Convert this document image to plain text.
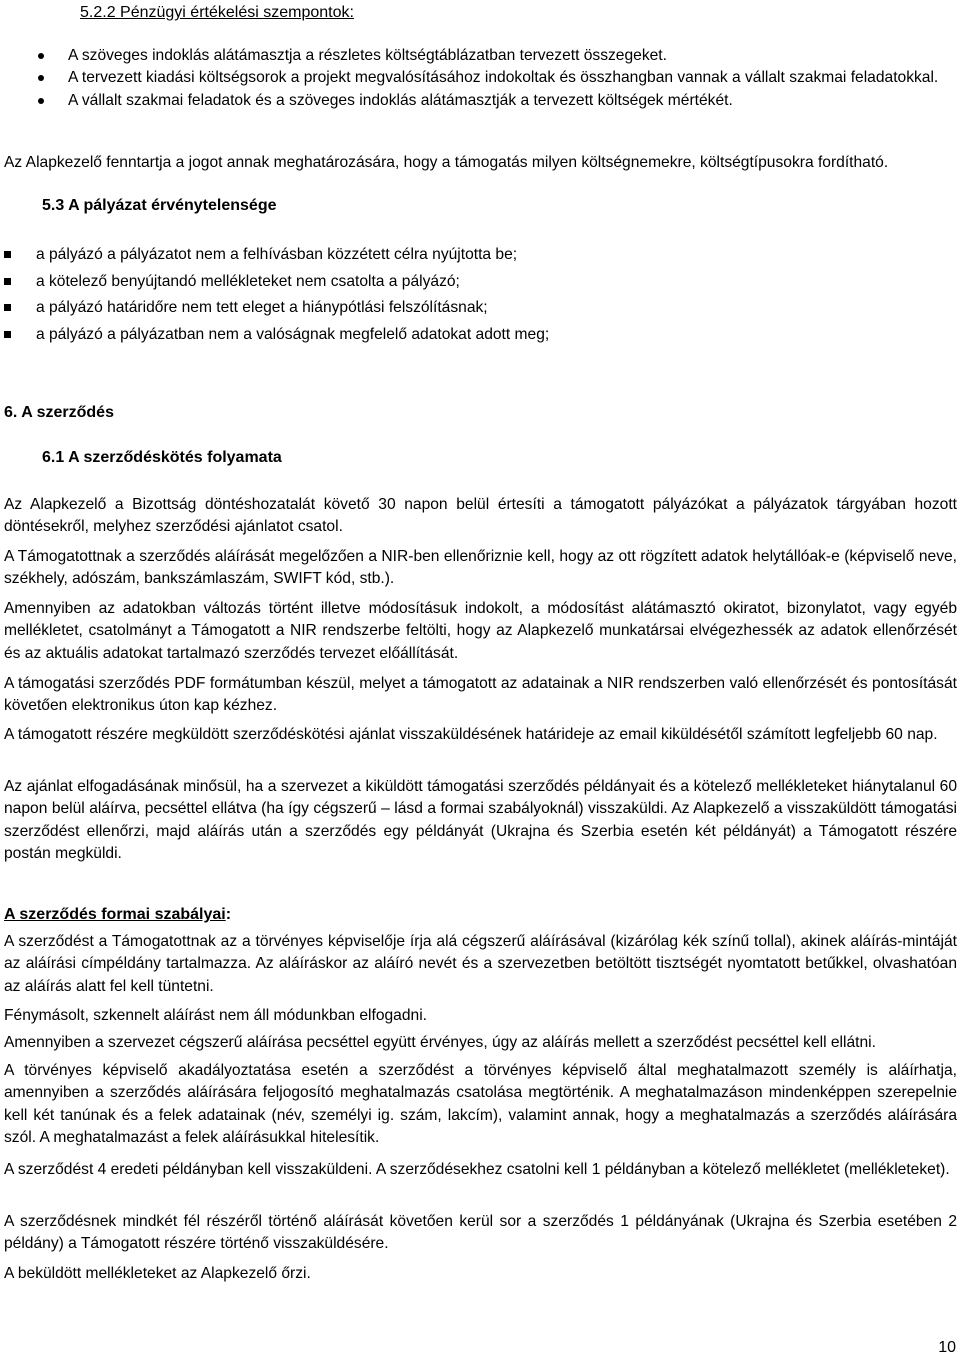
5.2.2 Pénzügyi értékelési szempontok:
A szöveges indoklás alátámasztja a részletes költségtáblázatban tervezett összegeket.
A tervezett kiadási költségsorok a projekt megvalósításához indokoltak és összhangban vannak a vállalt szakmai feladatokkal.
A vállalt szakmai feladatok és a szöveges indoklás alátámasztják a tervezett költségek mértékét.
Az Alapkezelő fenntartja a jogot annak meghatározására, hogy a támogatás milyen költségnemekre, költségtípusokra fordítható.
5.3 A pályázat érvénytelensége
a pályázó a pályázatot nem a felhívásban közzétett célra nyújtotta be;
a kötelező benyújtandó mellékleteket nem csatolta a pályázó;
a pályázó határidőre nem tett eleget a hiánypótlási felszólításnak;
a pályázó a pályázatban nem a valóságnak megfelelő adatokat adott meg;
6. A szerződés
6.1 A szerződéskötés folyamata
Az Alapkezelő a Bizottság döntéshozatalát követő 30 napon belül értesíti a támogatott pályázókat a pályázatok tárgyában hozott döntésekről, melyhez szerződési ajánlatot csatol.
A Támogatottnak a szerződés aláírását megelőzően a NIR-ben ellenőriznie kell, hogy az ott rögzített adatok helytállóak-e (képviselő neve, székhely, adószám, bankszámlaszám, SWIFT kód, stb.).
Amennyiben az adatokban változás történt illetve módosításuk indokolt, a módosítást alátámasztó okiratot, bizonylatot, vagy egyéb mellékletet, csatolmányt a Támogatott a NIR rendszerbe feltölti, hogy az Alapkezelő munkatársai elvégezhessék az adatok ellenőrzését és az aktuális adatokat tartalmazó szerződés tervezet előállítását.
A támogatási szerződés PDF formátumban készül, melyet a támogatott az adatainak a NIR rendszerben való ellenőrzését és pontosítását követően elektronikus úton kap kézhez.
A támogatott részére megküldött szerződéskötési ajánlat visszaküldésének határideje az email kiküldésétől számított legfeljebb 60 nap.
Az ajánlat elfogadásának minősül, ha a szervezet a kiküldött támogatási szerződés példányait és a kötelező mellékleteket hiánytalanul 60 napon belül aláírva, pecséttel ellátva (ha így cégszerű – lásd a formai szabályoknál) visszaküldi. Az Alapkezelő a visszaküldött támogatási szerződést ellenőrzi, majd aláírás után a szerződés egy példányát (Ukrajna és Szerbia esetén két példányát) a Támogatott részére postán megküldi.
A szerződés formai szabályai:
A szerződést a Támogatottnak az a törvényes képviselője írja alá cégszerű aláírásával (kizárólag kék színű tollal), akinek aláírás-mintáját az aláírási címpéldány tartalmazza. Az aláíráskor az aláíró nevét és a szervezetben betöltött tisztségét nyomtatott betűkkel, olvashatóan az aláírás alatt fel kell tüntetni.
Fénymásolt, szkennelt aláírást nem áll módunkban elfogadni.
Amennyiben a szervezet cégszerű aláírása pecséttel együtt érvényes, úgy az aláírás mellett a szerződést pecséttel kell ellátni.
A törvényes képviselő akadályoztatása esetén a szerződést a törvényes képviselő által meghatalmazott személy is aláírhatja, amennyiben a szerződés aláírására feljogosító meghatalmazás csatolása megtörténik. A meghatalmazáson mindenképpen szerepelnie kell két tanúnak és a felek adatainak (név, személyi ig. szám, lakcím), valamint annak, hogy a meghatalmazás a szerződés aláírására szól. A meghatalmazást a felek aláírásukkal hitelesítik.
A szerződést 4 eredeti példányban kell visszaküldeni. A szerződésekhez csatolni kell 1 példányban a kötelező mellékletet (mellékleteket).
A szerződésnek mindkét fél részéről történő aláírását követően kerül sor a szerződés 1 példányának (Ukrajna és Szerbia esetében 2 példány) a Támogatott részére történő visszaküldésére.
A beküldött mellékleteket az Alapkezelő őrzi.
10
